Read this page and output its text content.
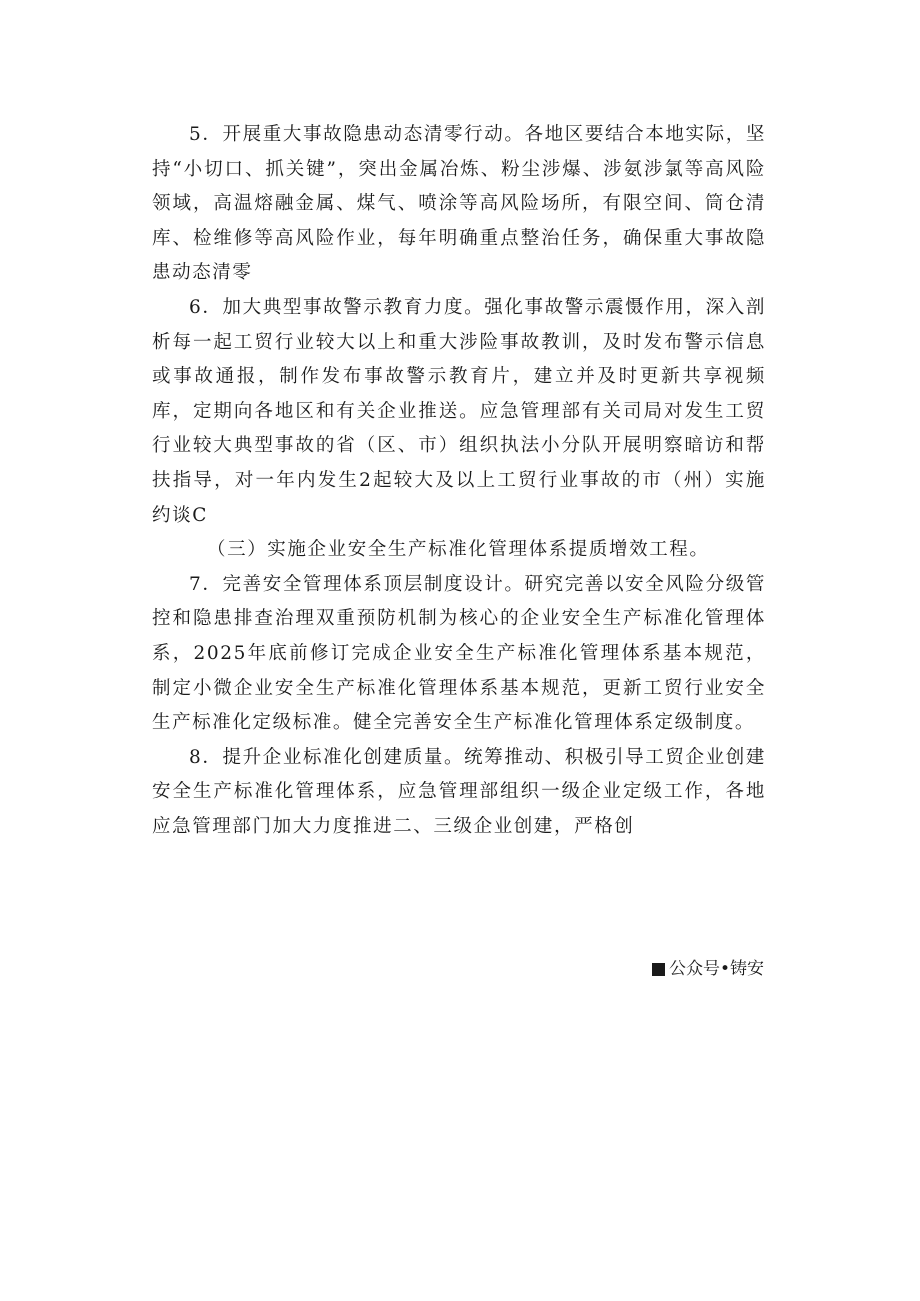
5．开展重大事故隐患动态清零行动。各地区要结合本地实际，坚持“小切口、抓关键”，突出金属冶炼、粉尘涉爆、涉氨涉氯等高风险领域，高温熔融金属、煤气、喷涂等高风险场所，有限空间、筒仓清库、检维修等高风险作业，每年明确重点整治任务，确保重大事故隐患动态清零

6．加大典型事故警示教育力度。强化事故警示震慑作用，深入剖析每一起工贸行业较大以上和重大涉险事故教训，及时发布警示信息或事故通报，制作发布事故警示教育片，建立并及时更新共享视频库，定期向各地区和有关企业推送。应急管理部有关司局对发生工贸行业较大典型事故的省（区、市）组织执法小分队开展明察暗访和帮扶指导，对一年内发生2起较大及以上工贸行业事故的市（州）实施约谈C

（三）实施企业安全生产标准化管理体系提质增效工程。

7．完善安全管理体系顶层制度设计。研究完善以安全风险分级管控和隐患排查治理双重预防机制为核心的企业安全生产标准化管理体系，2025年底前修订完成企业安全生产标准化管理体系基本规范，制定小微企业安全生产标准化管理体系基本规范，更新工贸行业安全生产标准化定级标准。健全完善安全生产标准化管理体系定级制度。

8．提升企业标准化创建质量。统筹推动、积极引导工贸企业创建安全生产标准化管理体系，应急管理部组织一级企业定级工作，各地应急管理部门加大力度推进二、三级企业创建，严格创

公众号•铸安
